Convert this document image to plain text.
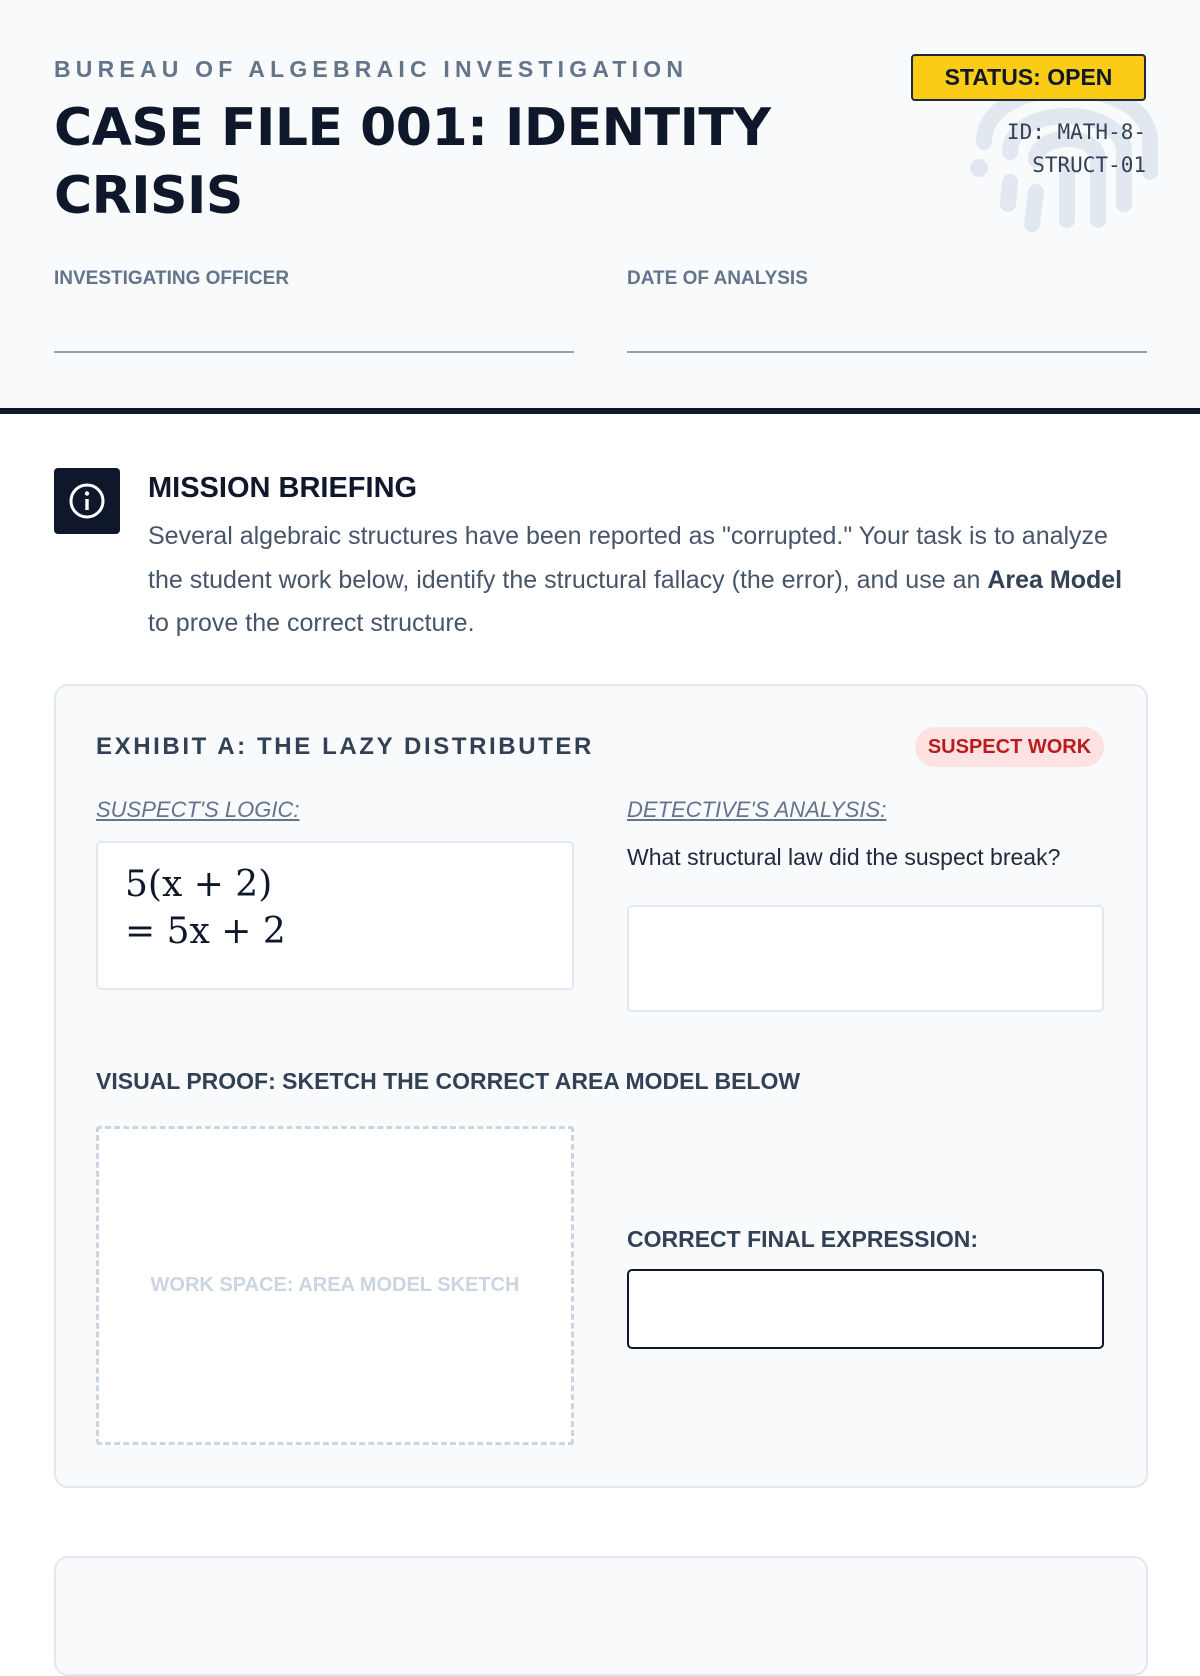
BUREAU OF ALGEBRAIC INVESTIGATION
CASE FILE 001: IDENTITY CRISIS
STATUS: OPEN
ID: MATH-8-STRUCT-01
INVESTIGATING OFFICER	DATE OF ANALYSIS
MISSION BRIEFING
Several algebraic structures have been reported as "corrupted." Your task is to analyze the student work below, identify the structural fallacy (the error), and use an Area Model to prove the correct structure.
EXHIBIT A: THE LAZY DISTRIBUTER	SUSPECT WORK
SUSPECT'S LOGIC:
5(x + 2)
= 5x + 2
DETECTIVE'S ANALYSIS:
What structural law did the suspect break?
VISUAL PROOF: SKETCH THE CORRECT AREA MODEL BELOW
WORK SPACE: AREA MODEL SKETCH
CORRECT FINAL EXPRESSION:
